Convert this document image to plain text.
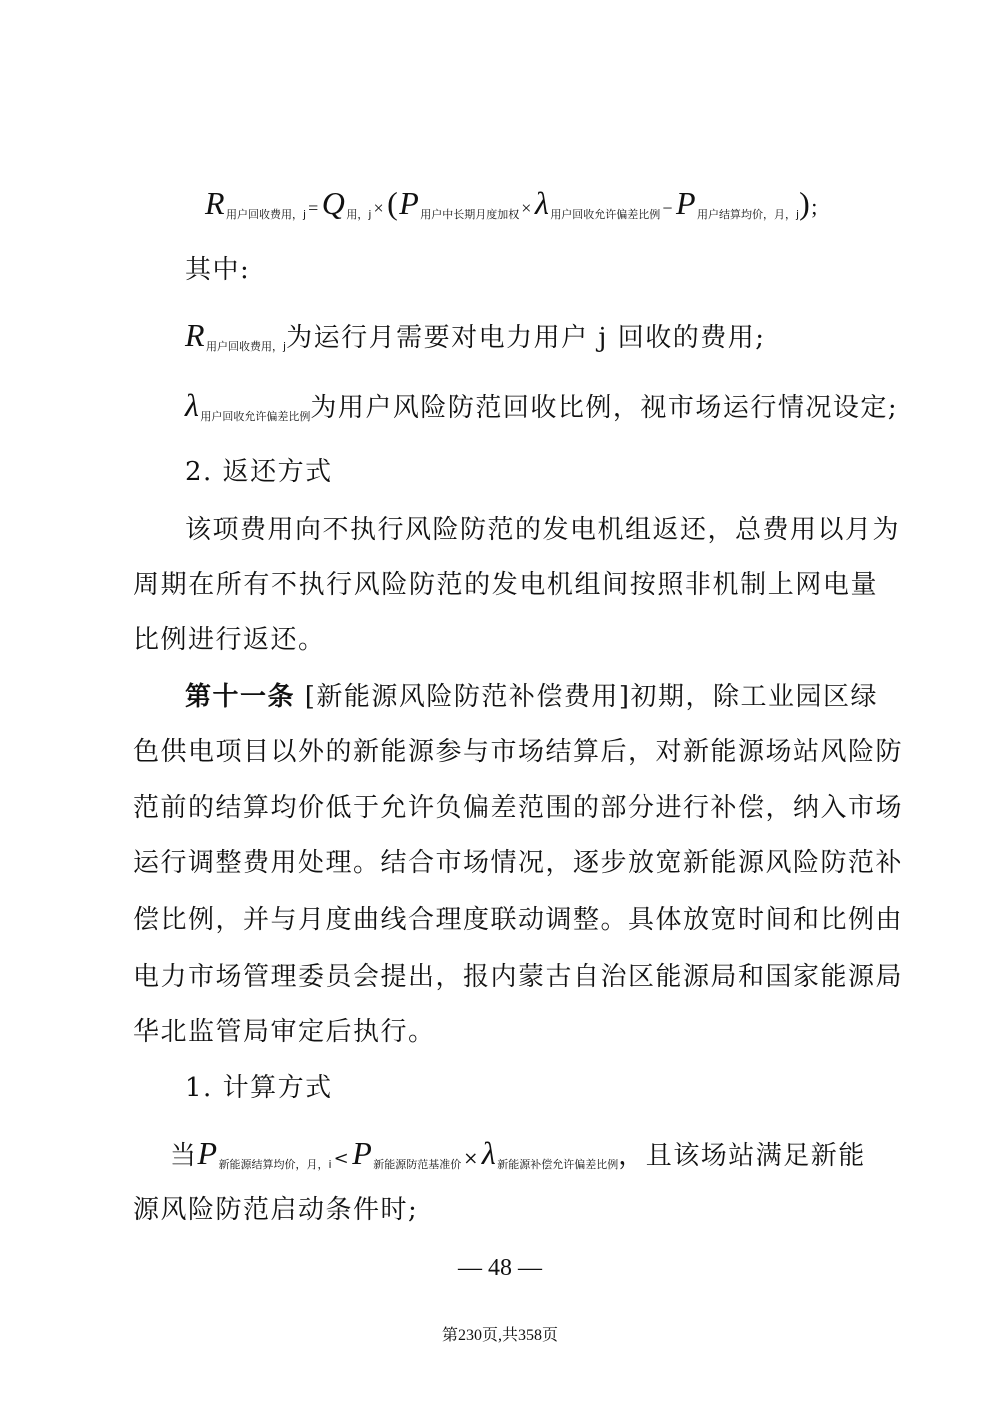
$R_{用户回收费用,j} =Q_{用,j} \times(P_{用户中长期月度加权} \times\lambda_{用户回收允许偏差比例} -P_{用户结算均价,月,j})$;
其中:
$R_{用户回收费用,j}$为运行月需要对电力用户 j 回收的费用;
$\lambda_{用户回收允许偏差比例}$为用户风险防范回收比例，视市场运行情况设定;
2. 返还方式
该项费用向不执行风险防范的发电机组返还，总费用以月为
周期在所有不执行风险防范的发电机组间按照非机制上网电量
比例进行返还。
第十一条 [新能源风险防范补偿费用]初期，除工业园区绿
色供电项目以外的新能源参与市场结算后，对新能源场站风险防
范前的结算均价低于允许负偏差范围的部分进行补偿，纳入市场
运行调整费用处理。结合市场情况，逐步放宽新能源风险防范补
偿比例，并与月度曲线合理度联动调整。具体放宽时间和比例由
电力市场管理委员会提出，报内蒙古自治区能源局和国家能源局
华北监管局审定后执行。
1. 计算方式
当$P_{新能源结算均价,月,i} <P_{新能源防范基准价} \times\lambda_{新能源补偿允许偏差比例}$，且该场站满足新能
源风险防范启动条件时;
— 48 —
第230页,共358页
